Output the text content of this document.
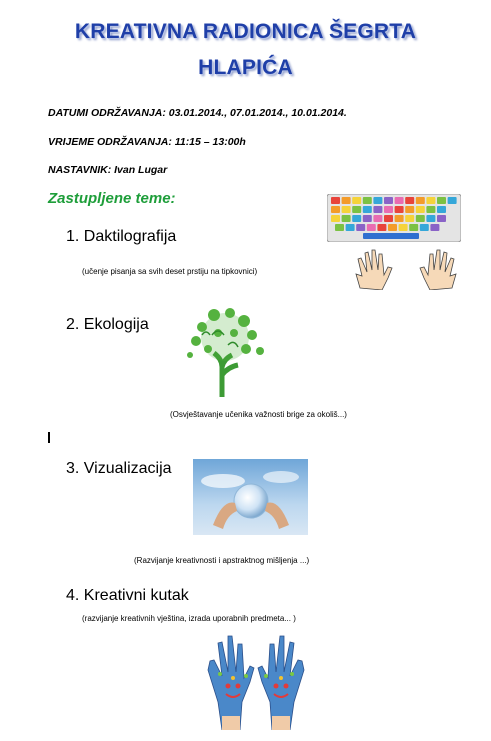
KREATIVNA RADIONICA ŠEGRTA
HLAPIĆA
DATUMI ODRŽAVANJA: 03.01.2014., 07.01.2014., 10.01.2014.
VRIJEME ODRŽAVANJA: 11:15 – 13:00h
NASTAVNIK: Ivan Lugar
Zastupljene teme:
1. Daktilografija
(učenje pisanja sa svih deset prstiju na tipkovnici)
2. Ekologija
(Osvještavanje učenika važnosti brige za okoliš...)
3. Vizualizacija
(Razvijanje kreativnosti i apstraktnog mišljenja ...)
4. Kreativni kutak
(razvijanje kreativnih vještina, izrada uporabnih predmeta... )
